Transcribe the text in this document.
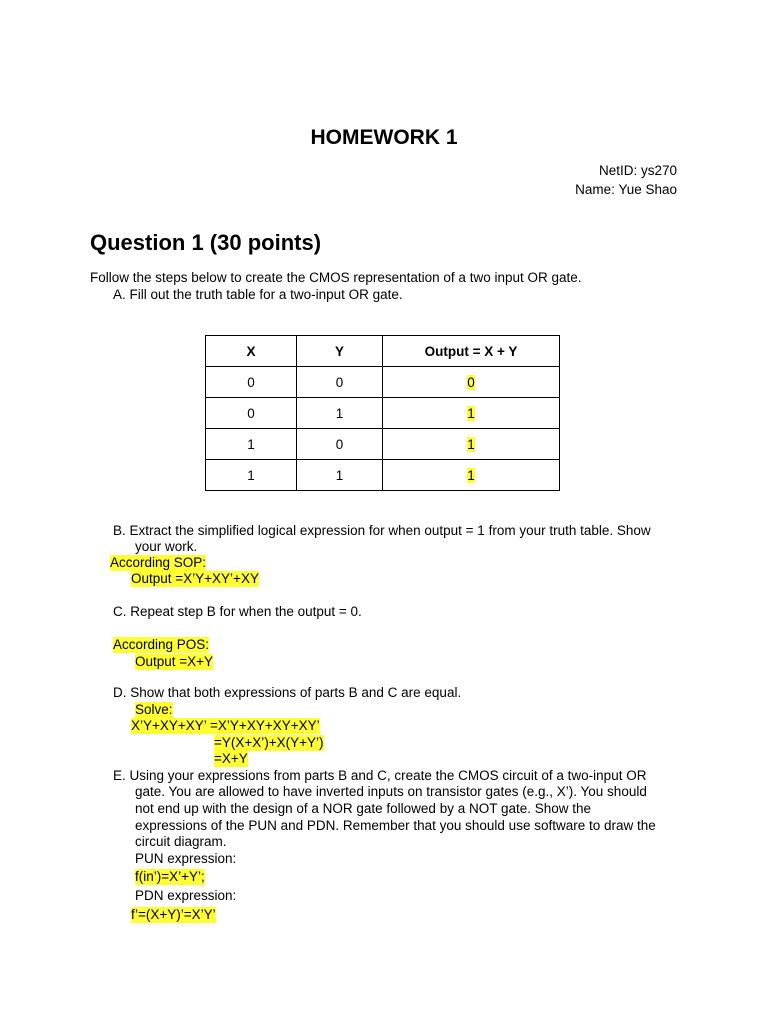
HOMEWORK 1
NetID: ys270
Name: Yue Shao
Question 1 (30 points)
Follow the steps below to create the CMOS representation of a two input OR gate.
A. Fill out the truth table for a two-input OR gate.
X	Y	Output = X + Y
0	0	0
0	1	1
1	0	1
1	1	1
B. Extract the simplified logical expression for when output = 1 from your truth table. Show
your work.
According SOP:
Output =X’Y+XY’+XY
C. Repeat step B for when the output = 0.
According POS:
Output =X+Y
D. Show that both expressions of parts B and C are equal.
Solve:
X’Y+XY+XY’ =X’Y+XY+XY+XY’
=Y(X+X’)+X(Y+Y’)
=X+Y
E. Using your expressions from parts B and C, create the CMOS circuit of a two-input OR
gate. You are allowed to have inverted inputs on transistor gates (e.g., X’). You should
not end up with the design of a NOR gate followed by a NOT gate. Show the
expressions of the PUN and PDN. Remember that you should use software to draw the
circuit diagram.
PUN expression:
f(in’)=X’+Y’;
PDN expression:
f’=(X+Y)’=X’Y’
